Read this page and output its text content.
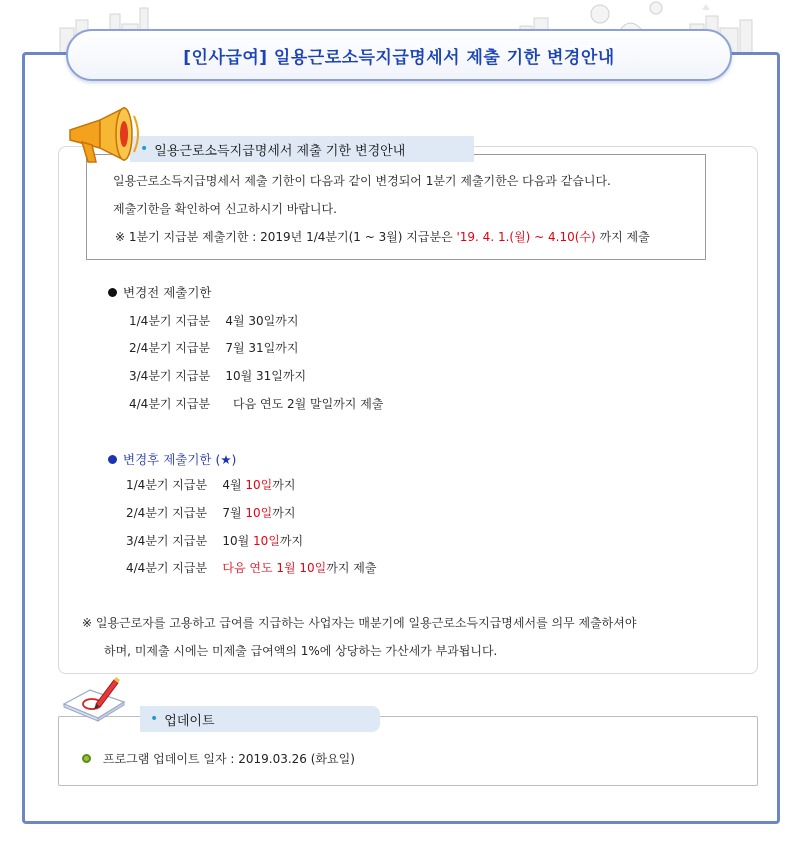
[인사급여] 일용근로소득지급명세서 제출 기한 변경안내
• 일용근로소득지급명세서 제출 기한 변경안내
일용근로소득지급명세서 제출 기한이 다음과 같이 변경되어 1분기 제출기한은 다음과 같습니다.
제출기한을 확인하여 신고하시기 바랍니다.
※ 1분기 지급분 제출기한 : 2019년 1/4분기(1 ~ 3월) 지급분은 '19. 4. 1.(월) ~ 4.10(수) 까지 제출
변경전 제출기한
1/4분기 지급분 4월 30일까지
2/4분기 지급분 7월 31일까지
3/4분기 지급분 10월 31일까지
4/4분기 지급분 다음 연도 2월 말일까지 제출
변경후 제출기한 (★)
1/4분기 지급분 4월 10일까지
2/4분기 지급분 7월 10일까지
3/4분기 지급분 10월 10일까지
4/4분기 지급분 다음 연도 1월 10일까지 제출
※ 일용근로자를 고용하고 급여를 지급하는 사업자는 매분기에 일용근로소득지급명세서를 의무 제출하셔야
하며, 미제출 시에는 미제출 급여액의 1%에 상당하는 가산세가 부과됩니다.
• 업데이트
프로그램 업데이트 일자 : 2019.03.26 (화요일)
